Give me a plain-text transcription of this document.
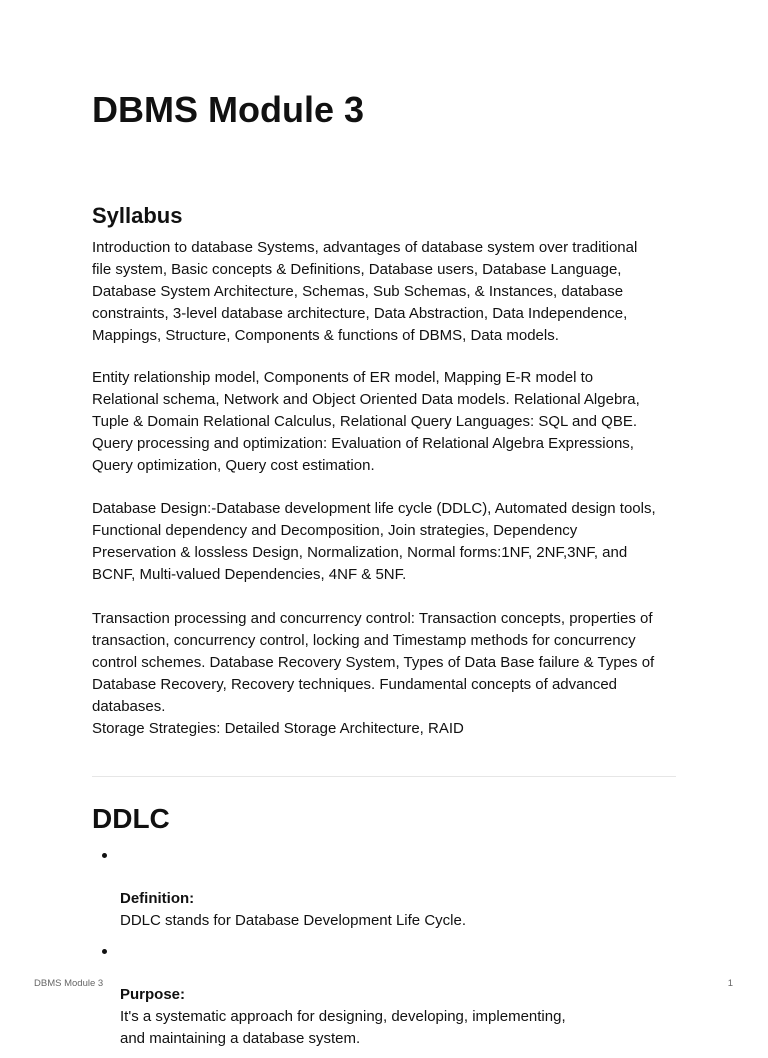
DBMS Module 3
Syllabus

Introduction to database Systems, advantages of database system over traditional
file system, Basic concepts & Definitions, Database users, Database Language,
Database System Architecture, Schemas, Sub Schemas, & Instances, database
constraints, 3-level database architecture, Data Abstraction, Data Independence,
Mappings, Structure, Components & functions of DBMS, Data models.

Entity relationship model, Components of ER model, Mapping E-R model to
Relational schema, Network and Object Oriented Data models. Relational Algebra,
Tuple & Domain Relational Calculus, Relational Query Languages: SQL and QBE.
Query processing and optimization: Evaluation of Relational Algebra Expressions,
Query optimization, Query cost estimation.

Database Design:-Database development life cycle (DDLC), Automated design tools,
Functional dependency and Decomposition, Join strategies, Dependency
Preservation & lossless Design, Normalization, Normal forms:1NF, 2NF,3NF, and
BCNF, Multi-valued Dependencies, 4NF & 5NF.

Transaction processing and concurrency control: Transaction concepts, properties of
transaction, concurrency control, locking and Timestamp methods for concurrency
control schemes. Database Recovery System, Types of Data Base failure & Types of
Database Recovery, Recovery techniques. Fundamental concepts of advanced
databases.
Storage Strategies: Detailed Storage Architecture, RAID

DDLC

Definition:
DDLC stands for Database Development Life Cycle.

Purpose:
It's a systematic approach for designing, developing, implementing,
and maintaining a database system.

DBMS Module 3	1
